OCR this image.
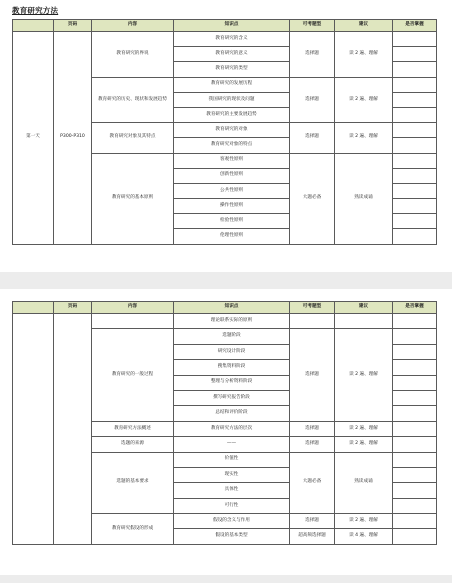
教育研究方法
	页码	内容	知识点	可考题型	建议	是否掌握
第一天	P300-P310	教育研究的界说	教育研究的含义	选择题	读 2 遍、理解	
			教育研究的意义			
			教育研究的类型			
		教育研究的历史、现状和发展趋势	教育研究的发展历程	选择题	读 2 遍、理解	
			我国研究的现状及问题			
			教育研究的主要发展趋势			
		教育研究对象及其特点	教育研究的对象	选择题	读 2 遍、理解	
			教育研究对象的特点			
		教育研究的基本原则	客观性原则	大题必备	熟读成诵	
			创新性原则			
			公共性原则			
			操作性原则			
			检验性原则			
			伦理性原则			
	页码	内容	知识点	可考题型	建议	是否掌握
			理论联系实际的原则			
		教育研究的一般过程	选题阶段	选择题	读 2 遍、理解	
			研究设计阶段			
			搜集资料阶段			
			整理与分析资料阶段			
			撰写研究报告阶段			
			总结和评价阶段			
		教育研究方法概述	教育研究方法的层次	选择题	读 2 遍、理解	
		选题的来源	——	选择题	读 2 遍、理解	
		选题的基本要求	价值性	大题必备	熟读成诵	
			现实性			
			具体性			
			可行性			
		教育研究假设的形成	假设的含义与作用	选择题	读 2 遍、理解	
			假设的基本类型	超高频选择题	读 4 遍、理解	
